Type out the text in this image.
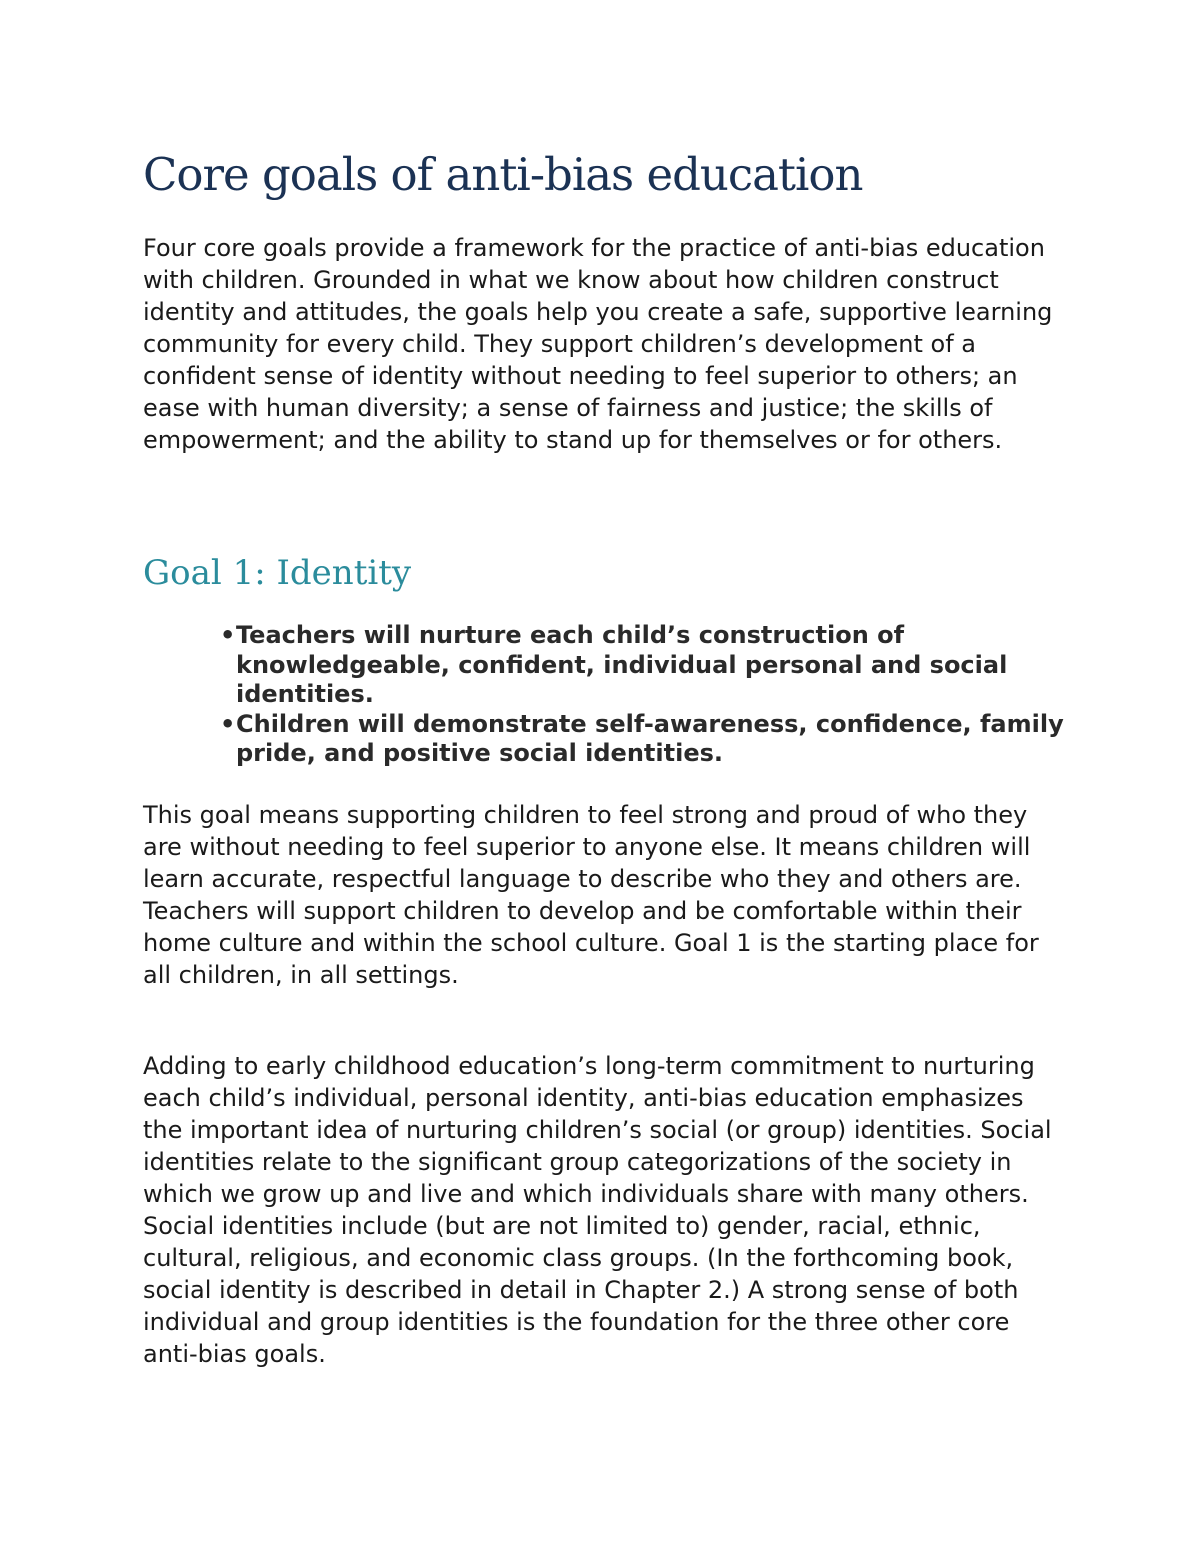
Core goals of anti-bias education

Four core goals provide a framework for the practice of anti-bias education with children. Grounded in what we know about how children construct identity and attitudes, the goals help you create a safe, supportive learning community for every child. They support children’s development of a confident sense of identity without needing to feel superior to others; an ease with human diversity; a sense of fairness and justice; the skills of empowerment; and the ability to stand up for themselves or for others.

Goal 1: Identity
•Teachers will nurture each child’s construction of knowledgeable, confident, individual personal and social identities.
•Children will demonstrate self-awareness, confidence, family pride, and positive social identities.

This goal means supporting children to feel strong and proud of who they are without needing to feel superior to anyone else. It means children will learn accurate, respectful language to describe who they and others are. Teachers will support children to develop and be comfortable within their home culture and within the school culture. Goal 1 is the starting place for all children, in all settings.

Adding to early childhood education’s long-term commitment to nurturing each child’s individual, personal identity, anti-bias education emphasizes the important idea of nurturing children’s social (or group) identities. Social identities relate to the significant group categorizations of the society in which we grow up and live and which individuals share with many others. Social identities include (but are not limited to) gender, racial, ethnic, cultural, religious, and economic class groups. (In the forthcoming book, social identity is described in detail in Chapter 2.) A strong sense of both individual and group identities is the foundation for the three other core anti-bias goals.
